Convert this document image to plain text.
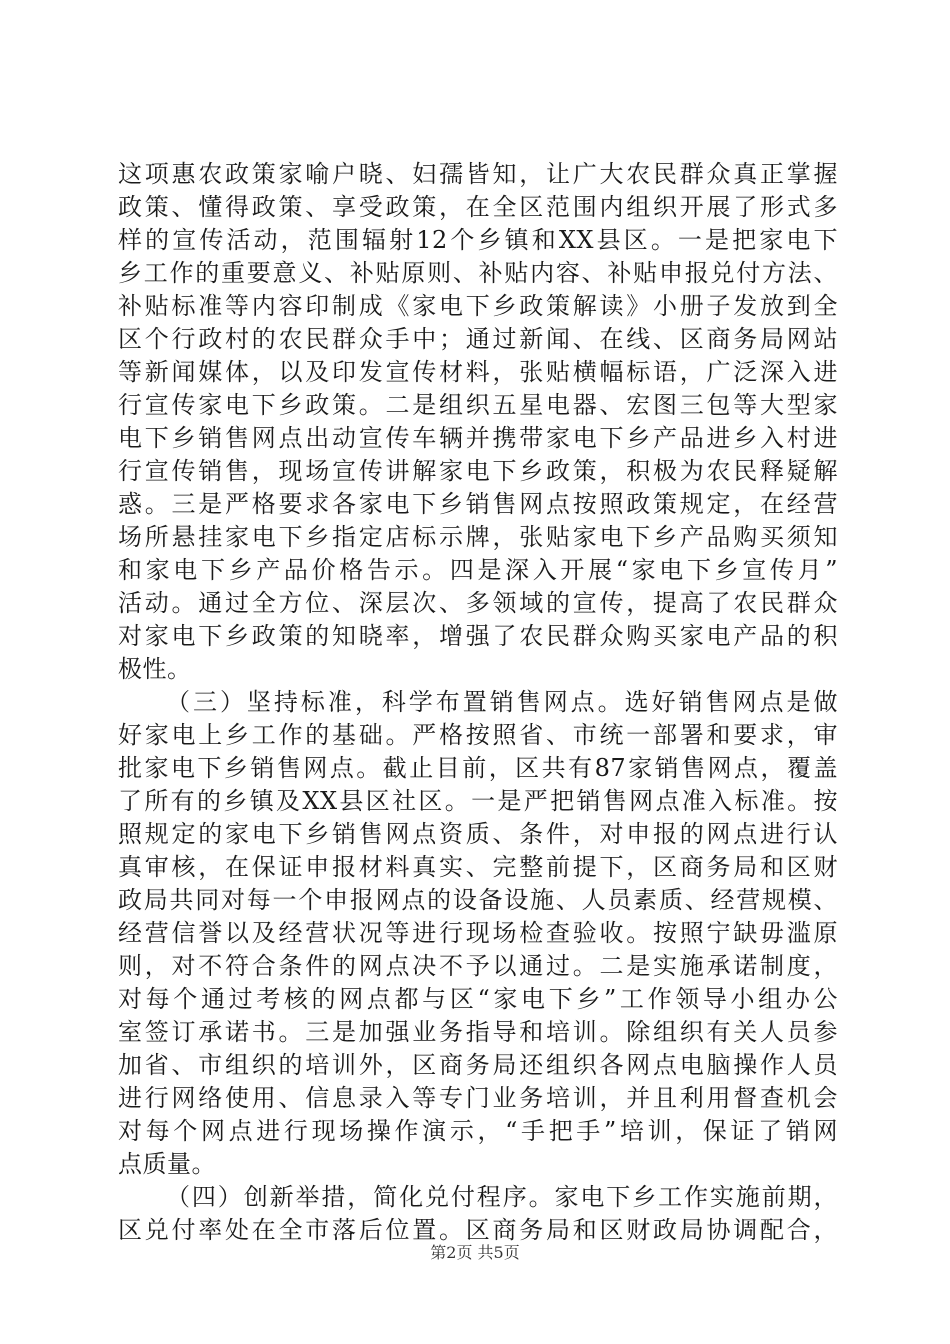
这项惠农政策家喻户晓、妇孺皆知，让广大农民群众真正掌握
政策、懂得政策、享受政策，在全区范围内组织开展了形式多
样的宣传活动，范围辐射12个乡镇和XX县区。一是把家电下
乡工作的重要意义、补贴原则、补贴内容、补贴申报兑付方法、
补贴标准等内容印制成《家电下乡政策解读》小册子发放到全
区个行政村的农民群众手中；通过新闻、在线、区商务局网站
等新闻媒体，以及印发宣传材料，张贴横幅标语，广泛深入进
行宣传家电下乡政策。二是组织五星电器、宏图三包等大型家
电下乡销售网点出动宣传车辆并携带家电下乡产品进乡入村进
行宣传销售，现场宣传讲解家电下乡政策，积极为农民释疑解
惑。三是严格要求各家电下乡销售网点按照政策规定，在经营
场所悬挂家电下乡指定店标示牌，张贴家电下乡产品购买须知
和家电下乡产品价格告示。四是深入开展“家电下乡宣传月”
活动。通过全方位、深层次、多领域的宣传，提高了农民群众
对家电下乡政策的知晓率，增强了农民群众购买家电产品的积
极性。
（三）坚持标准，科学布置销售网点。选好销售网点是做
好家电上乡工作的基础。严格按照省、市统一部署和要求，审
批家电下乡销售网点。截止目前，区共有87家销售网点，覆盖
了所有的乡镇及XX县区社区。一是严把销售网点准入标准。按
照规定的家电下乡销售网点资质、条件，对申报的网点进行认
真审核，在保证申报材料真实、完整前提下，区商务局和区财
政局共同对每一个申报网点的设备设施、人员素质、经营规模、
经营信誉以及经营状况等进行现场检查验收。按照宁缺毋滥原
则，对不符合条件的网点决不予以通过。二是实施承诺制度，
对每个通过考核的网点都与区“家电下乡”工作领导小组办公
室签订承诺书。三是加强业务指导和培训。除组织有关人员参
加省、市组织的培训外，区商务局还组织各网点电脑操作人员
进行网络使用、信息录入等专门业务培训，并且利用督查机会
对每个网点进行现场操作演示，“手把手”培训，保证了销网
点质量。
（四）创新举措，简化兑付程序。家电下乡工作实施前期，
区兑付率处在全市落后位置。区商务局和区财政局协调配合，
第2页 共5页
